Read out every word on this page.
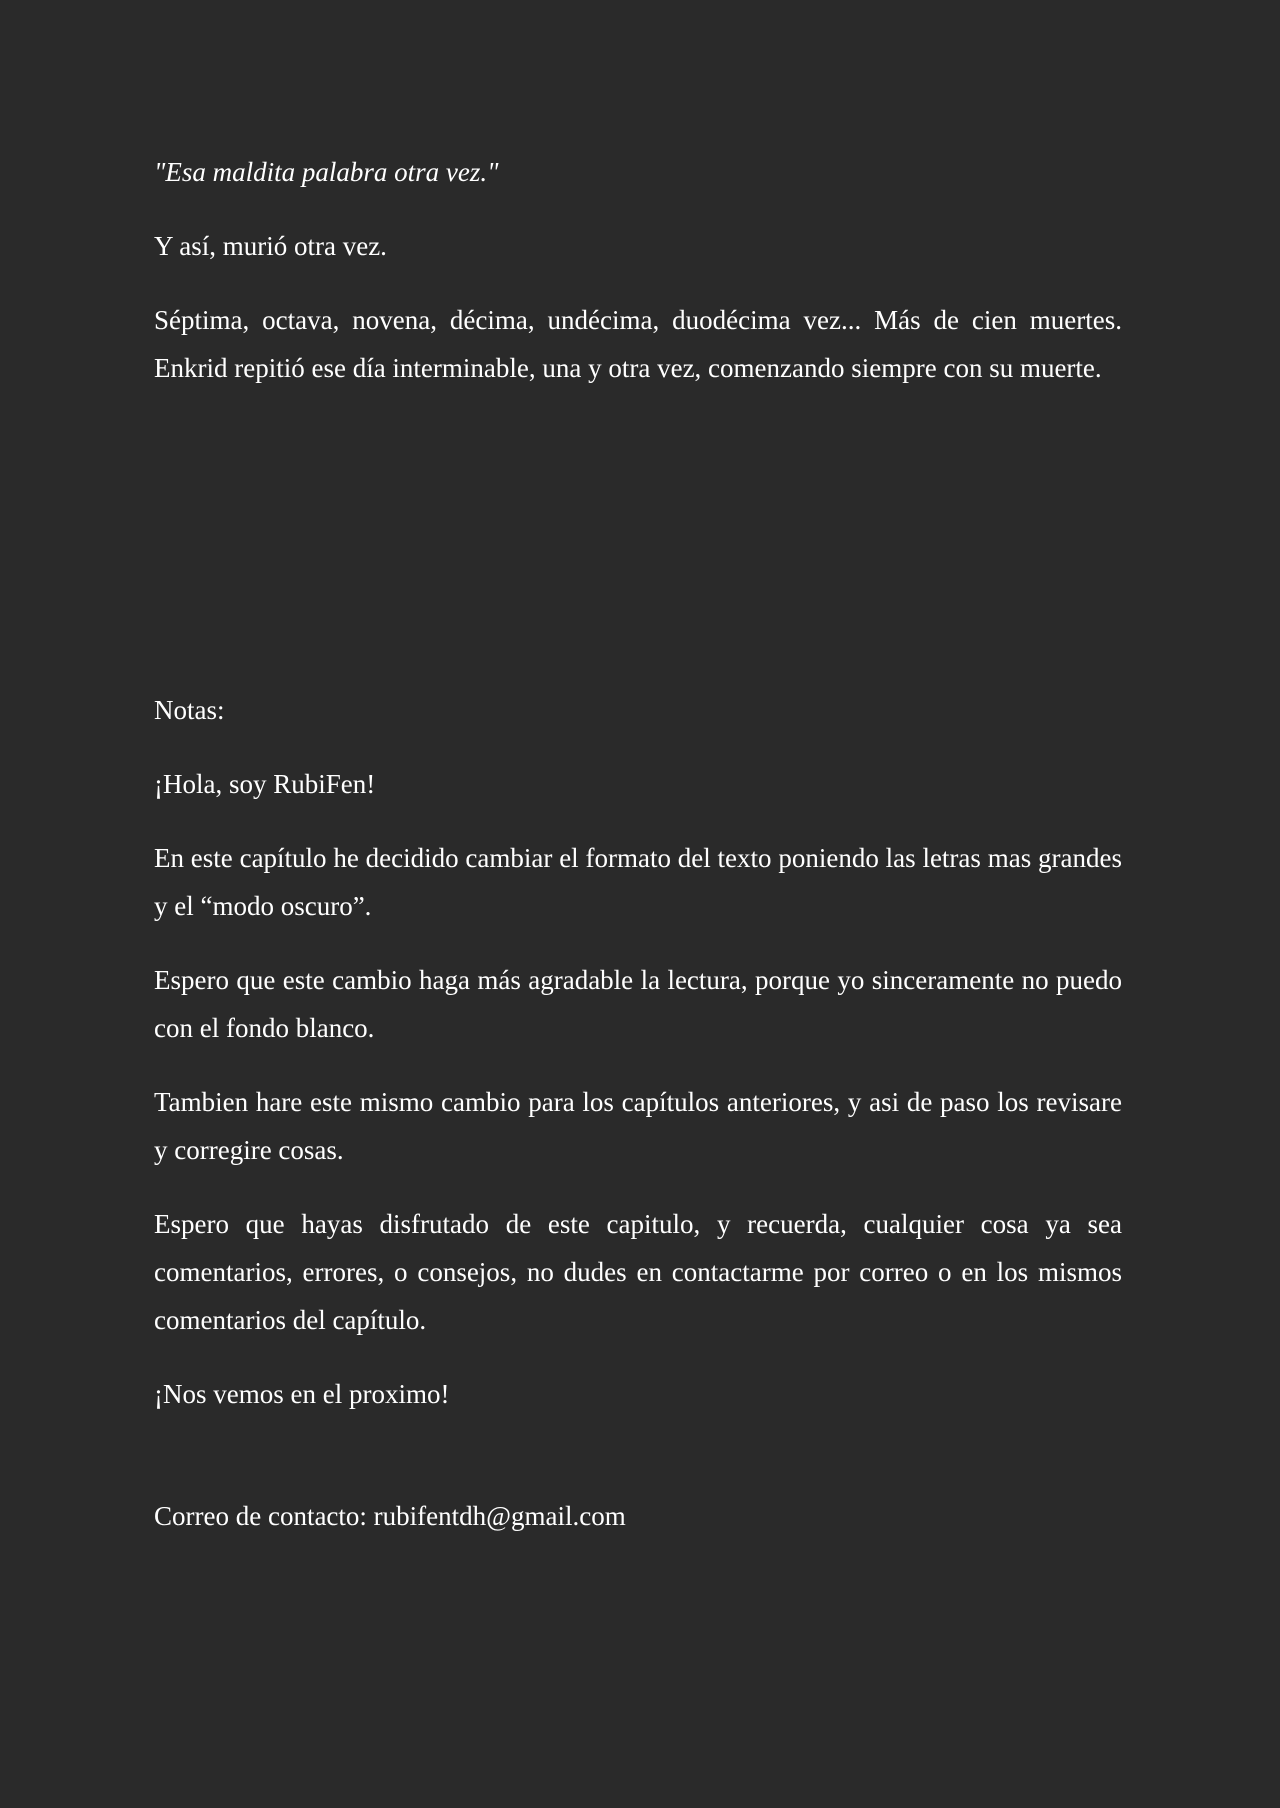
"Esa maldita palabra otra vez."

Y así, murió otra vez.

Séptima, octava, novena, décima, undécima, duodécima vez... Más de cien muertes. Enkrid repitió ese día interminable, una y otra vez, comenzando siempre con su muerte.

Notas:

¡Hola, soy RubiFen!

En este capítulo he decidido cambiar el formato del texto poniendo las letras mas grandes y el “modo oscuro”.

Espero que este cambio haga más agradable la lectura, porque yo sinceramente no puedo con el fondo blanco.

Tambien hare este mismo cambio para los capítulos anteriores, y asi de paso los revisare y corregire cosas.

Espero que hayas disfrutado de este capitulo, y recuerda, cualquier cosa ya sea comentarios, errores, o consejos, no dudes en contactarme por correo o en los mismos comentarios del capítulo.

¡Nos vemos en el proximo!

Correo de contacto: rubifentdh@gmail.com
